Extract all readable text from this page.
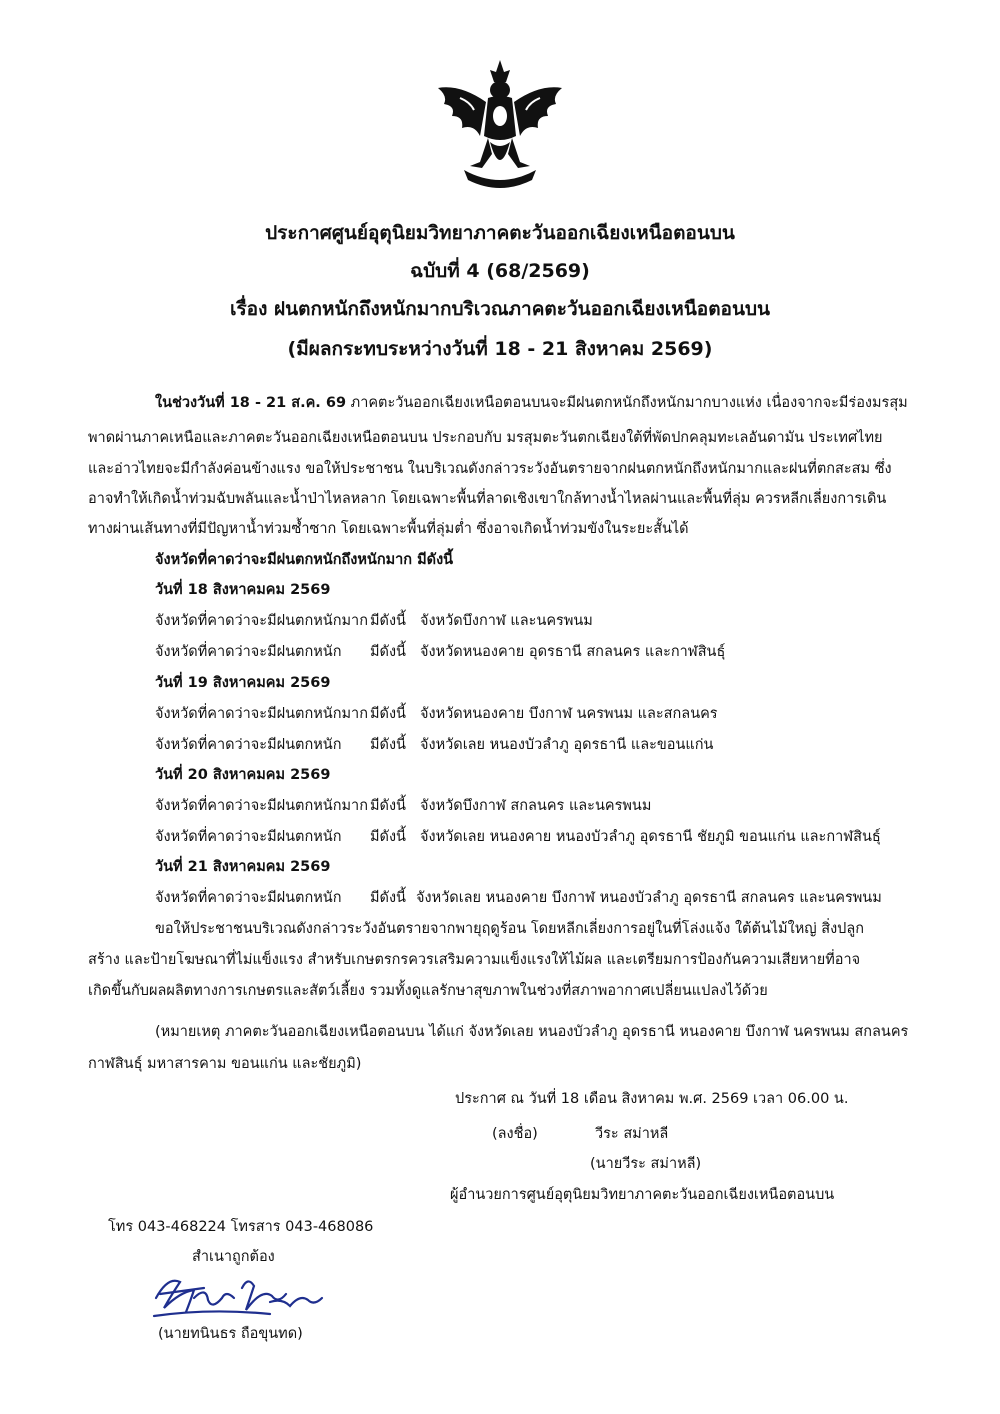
ประกาศศูนย์อุตุนิยมวิทยาภาคตะวันออกเฉียงเหนือตอนบน
ฉบับที่ 4 (68/2569)
เรื่อง ฝนตกหนักถึงหนักมากบริเวณภาคตะวันออกเฉียงเหนือตอนบน
(มีผลกระทบระหว่างวันที่ 18 - 21 สิงหาคม 2569)
ในช่วงวันที่ 18 - 21 ส.ค. 69 ภาคตะวันออกเฉียงเหนือตอนบนจะมีฝนตกหนักถึงหนักมากบางแห่ง เนื่องจากจะมีร่องมรสุม
พาดผ่านภาคเหนือและภาคตะวันออกเฉียงเหนือตอนบน ประกอบกับ มรสุมตะวันตกเฉียงใต้ที่พัดปกคลุมทะเลอันดามัน ประเทศไทย
และอ่าวไทยจะมีกำลังค่อนข้างแรง ขอให้ประชาชน ในบริเวณดังกล่าวระวังอันตรายจากฝนตกหนักถึงหนักมากและฝนที่ตกสะสม ซึ่ง
อาจทำให้เกิดน้ำท่วมฉับพลันและน้ำป่าไหลหลาก โดยเฉพาะพื้นที่ลาดเชิงเขาใกล้ทางน้ำไหลผ่านและพื้นที่ลุ่ม ควรหลีกเลี่ยงการเดิน
ทางผ่านเส้นทางที่มีปัญหาน้ำท่วมซ้ำซาก โดยเฉพาะพื้นที่ลุ่มต่ำ ซึ่งอาจเกิดน้ำท่วมขังในระยะสั้นได้
จังหวัดที่คาดว่าจะมีฝนตกหนักถึงหนักมาก มีดังนี้
วันที่ 18 สิงหาคมคม 2569
จังหวัดที่คาดว่าจะมีฝนตกหนักมาก มีดังนี้ จังหวัดบึงกาฬ และนครพนม
จังหวัดที่คาดว่าจะมีฝนตกหนัก มีดังนี้ จังหวัดหนองคาย อุดรธานี สกลนคร และกาฬสินธุ์
วันที่ 19 สิงหาคมคม 2569
จังหวัดที่คาดว่าจะมีฝนตกหนักมาก มีดังนี้ จังหวัดหนองคาย บึงกาฬ นครพนม และสกลนคร
จังหวัดที่คาดว่าจะมีฝนตกหนัก มีดังนี้ จังหวัดเลย หนองบัวลำภู อุดรธานี และขอนแก่น
วันที่ 20 สิงหาคมคม 2569
จังหวัดที่คาดว่าจะมีฝนตกหนักมาก มีดังนี้ จังหวัดบึงกาฬ สกลนคร และนครพนม
จังหวัดที่คาดว่าจะมีฝนตกหนัก มีดังนี้ จังหวัดเลย หนองคาย หนองบัวลำภู อุดรธานี ชัยภูมิ ขอนแก่น และกาฬสินธุ์
วันที่ 21 สิงหาคมคม 2569
จังหวัดที่คาดว่าจะมีฝนตกหนัก มีดังนี้ จังหวัดเลย หนองคาย บึงกาฬ หนองบัวลำภู อุดรธานี สกลนคร และนครพนม
ขอให้ประชาชนบริเวณดังกล่าวระวังอันตรายจากพายุฤดูร้อน โดยหลีกเลี่ยงการอยู่ในที่โล่งแจ้ง ใต้ต้นไม้ใหญ่ สิ่งปลูก
สร้าง และป้ายโฆษณาที่ไม่แข็งแรง สำหรับเกษตรกรควรเสริมความแข็งแรงให้ไม้ผล และเตรียมการป้องกันความเสียหายที่อาจ
เกิดขึ้นกับผลผลิตทางการเกษตรและสัตว์เลี้ยง รวมทั้งดูแลรักษาสุขภาพในช่วงที่สภาพอากาศเปลี่ยนแปลงไว้ด้วย
(หมายเหตุ ภาคตะวันออกเฉียงเหนือตอนบน ได้แก่ จังหวัดเลย หนองบัวลำภู อุดรธานี หนองคาย บึงกาฬ นครพนม สกลนคร
กาฬสินธุ์ มหาสารคาม ขอนแก่น และชัยภูมิ)
ประกาศ ณ วันที่ 18 เดือน สิงหาคม พ.ศ. 2569 เวลา 06.00 น.
(ลงชื่อ)	วีระ สม่าหลี
(นายวีระ สม่าหลี)
ผู้อำนวยการศูนย์อุตุนิยมวิทยาภาคตะวันออกเฉียงเหนือตอนบน
โทร 043-468224 โทรสาร 043-468086
สำเนาถูกต้อง
(นายทนินธร ถือขุนทด)
